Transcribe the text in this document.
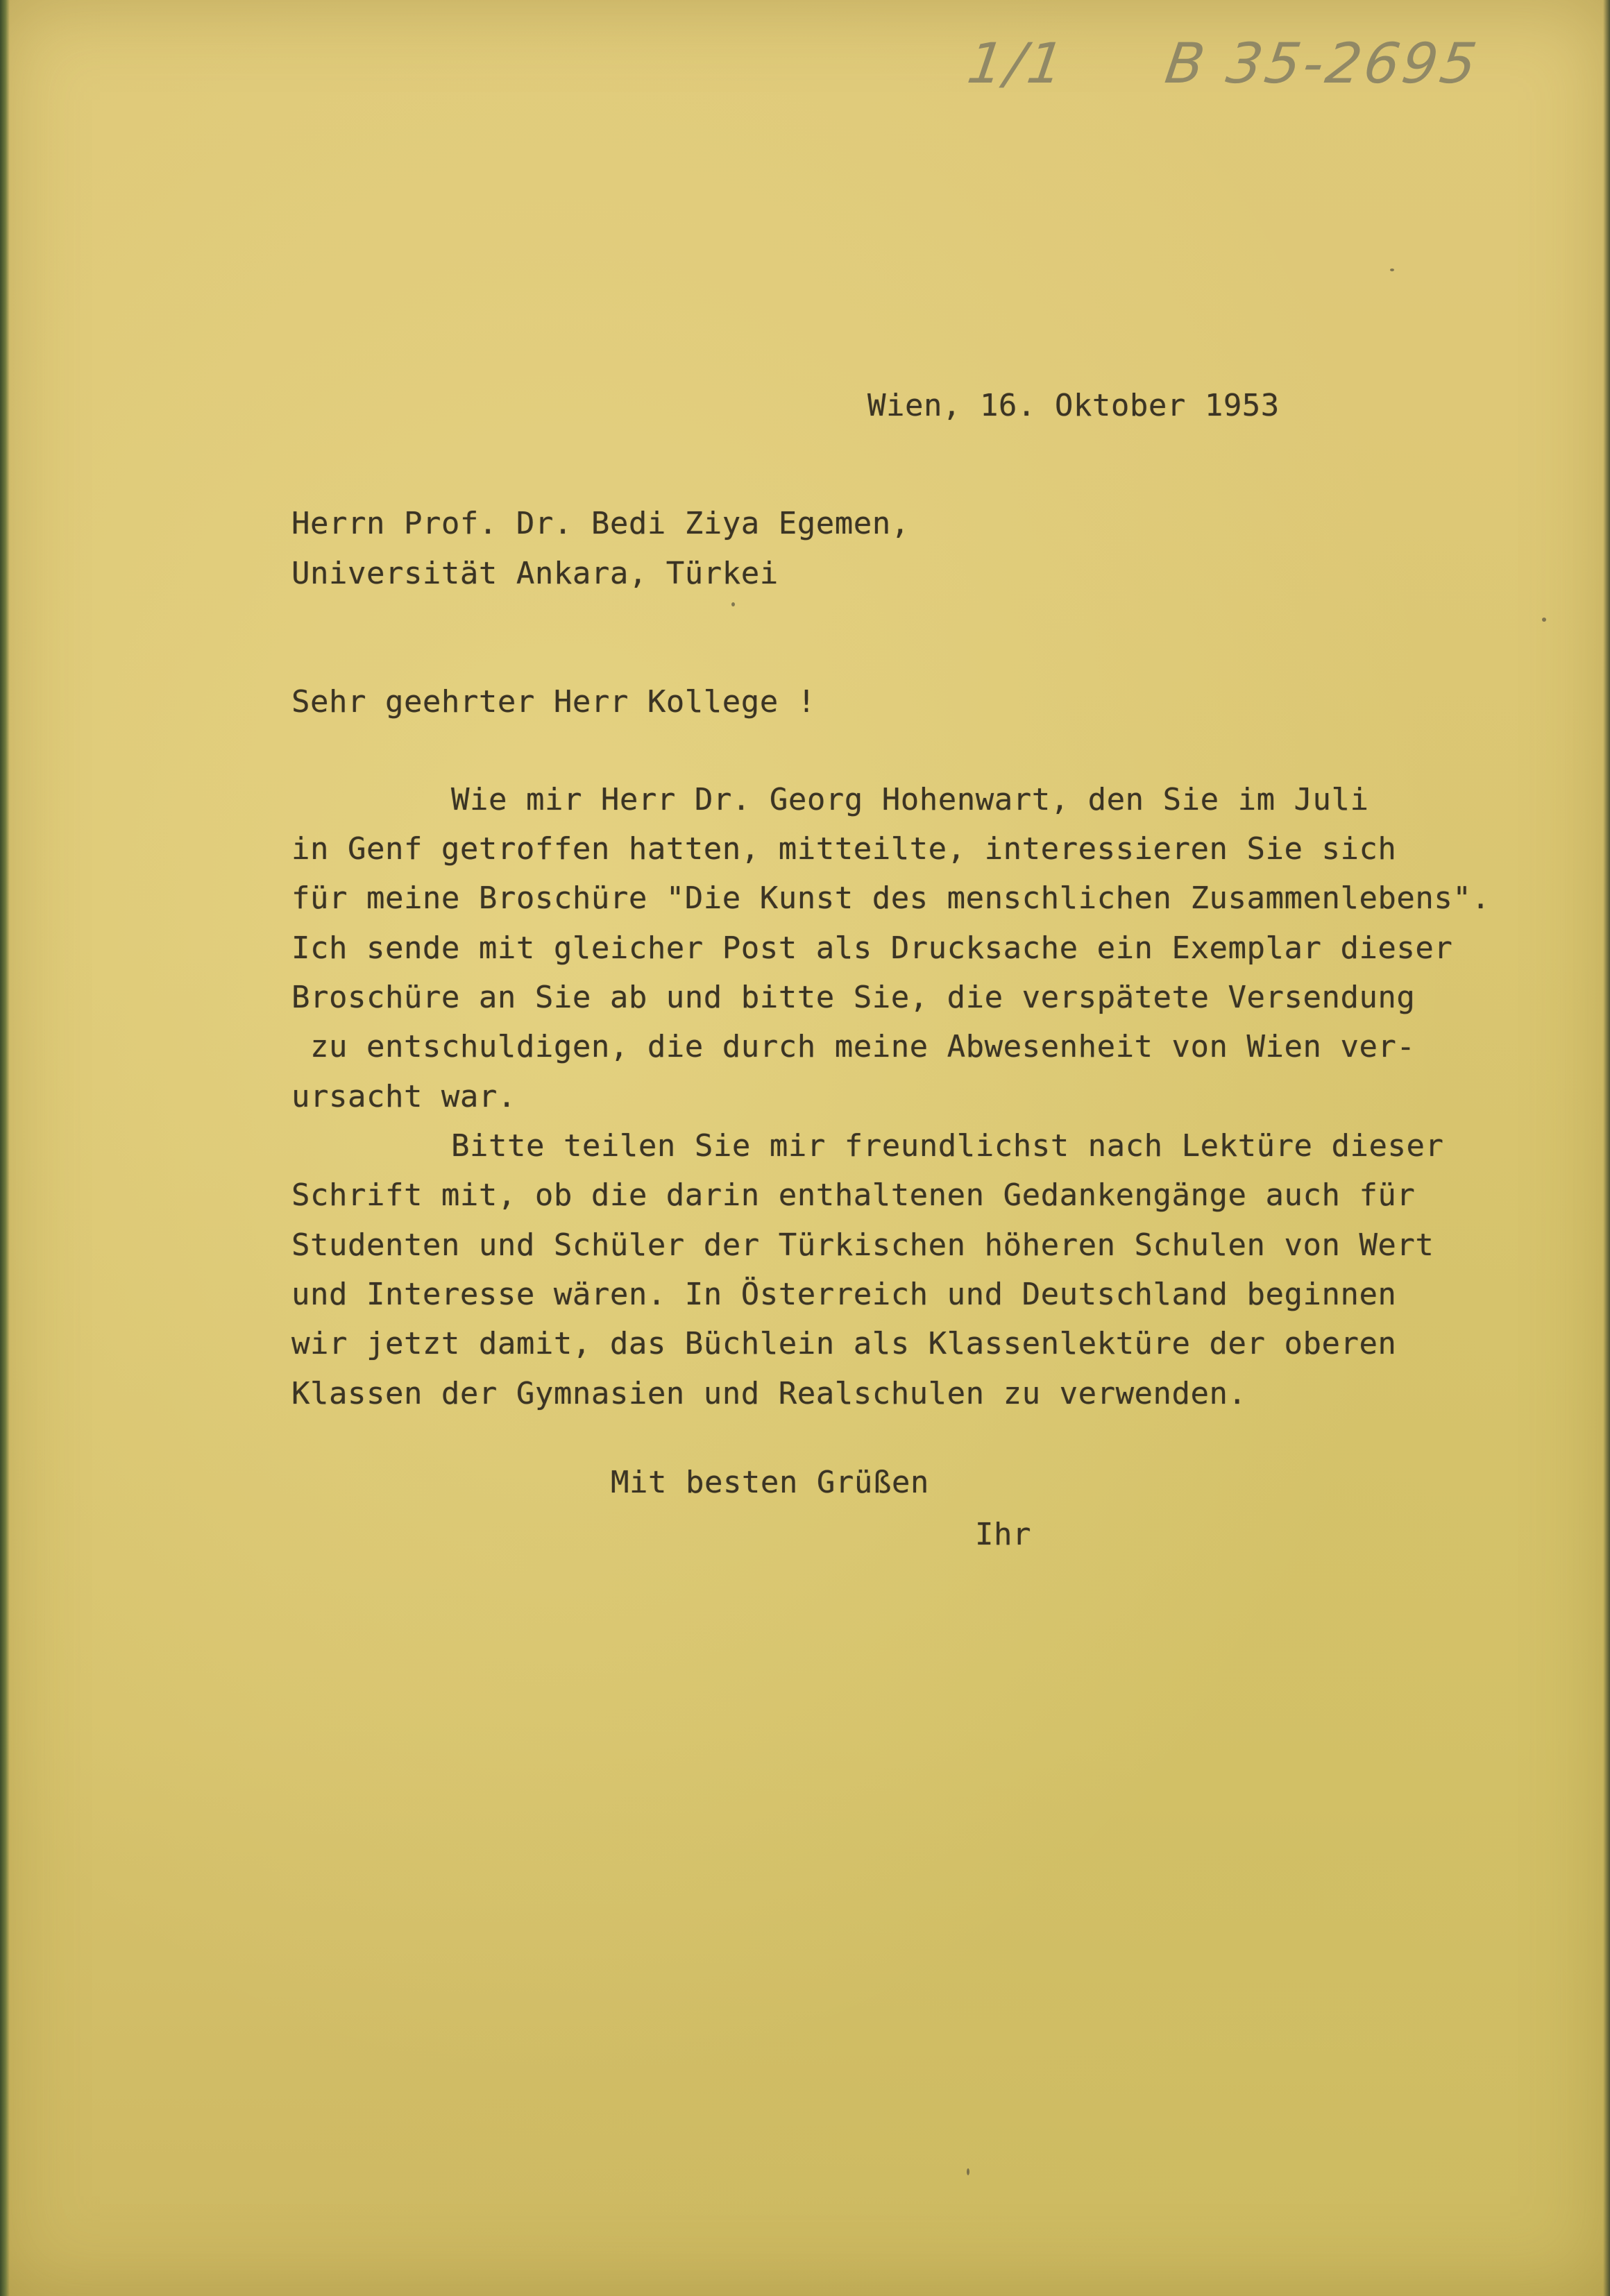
1/1 B 35-2695
Wien, 16. Oktober 1953
Herrn Prof. Dr. Bedi Ziya Egemen,
Universität Ankara, Türkei
Sehr geehrter Herr Kollege !
Wie mir Herr Dr. Georg Hohenwart, den Sie im Juli
in Genf getroffen hatten, mitteilte, interessieren Sie sich
für meine Broschüre "Die Kunst des menschlichen Zusammenlebens".
Ich sende mit gleicher Post als Drucksache ein Exemplar dieser
Broschüre an Sie ab und bitte Sie, die verspätete Versendung
zu entschuldigen, die durch meine Abwesenheit von Wien ver-
ursacht war.
Bitte teilen Sie mir freundlichst nach Lektüre dieser
Schrift mit, ob die darin enthaltenen Gedankengänge auch für
Studenten und Schüler der Türkischen höheren Schulen von Wert
und Interesse wären. In Österreich und Deutschland beginnen
wir jetzt damit, das Büchlein als Klassenlektüre der oberen
Klassen der Gymnasien und Realschulen zu verwenden.
Mit besten Grüßen
Ihr
